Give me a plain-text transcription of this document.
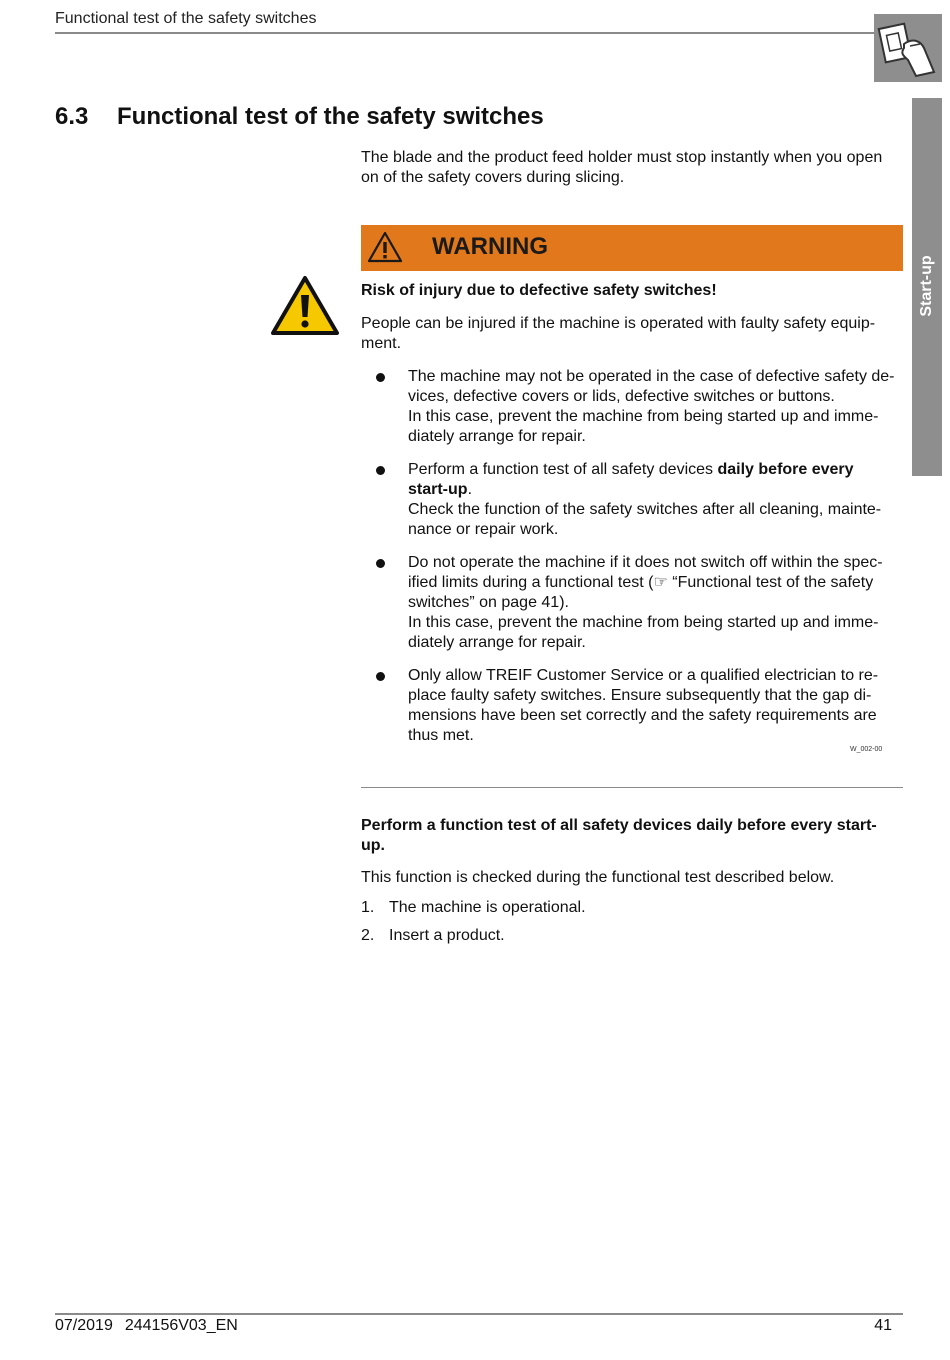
Functional test of the safety switches
Start-up
6.3 Functional test of the safety switches

The blade and the product feed holder must stop instantly when you open
on of the safety covers during slicing.

WARNING

Risk of injury due to defective safety switches!

People can be injured if the machine is operated with faulty safety equip-
ment.

The machine may not be operated in the case of defective safety de-
vices, defective covers or lids, defective switches or buttons.
In this case, prevent the machine from being started up and imme-
diately arrange for repair.
Perform a function test of all safety devices daily before every
start-up.
Check the function of the safety switches after all cleaning, mainte-
nance or repair work.
Do not operate the machine if it does not switch off within the spec-
ified limits during a functional test (☞ “Functional test of the safety
switches” on page 41).
In this case, prevent the machine from being started up and imme-
diately arrange for repair.
Only allow TREIF Customer Service or a qualified electrician to re-
place faulty safety switches. Ensure subsequently that the gap di-
mensions have been set correctly and the safety requirements are
thus met.
W_002-00

Perform a function test of all safety devices daily before every start-
up.

This function is checked during the functional test described below.

1. The machine is operational.
2. Insert a product.
07/2019 244156V03_EN	41
